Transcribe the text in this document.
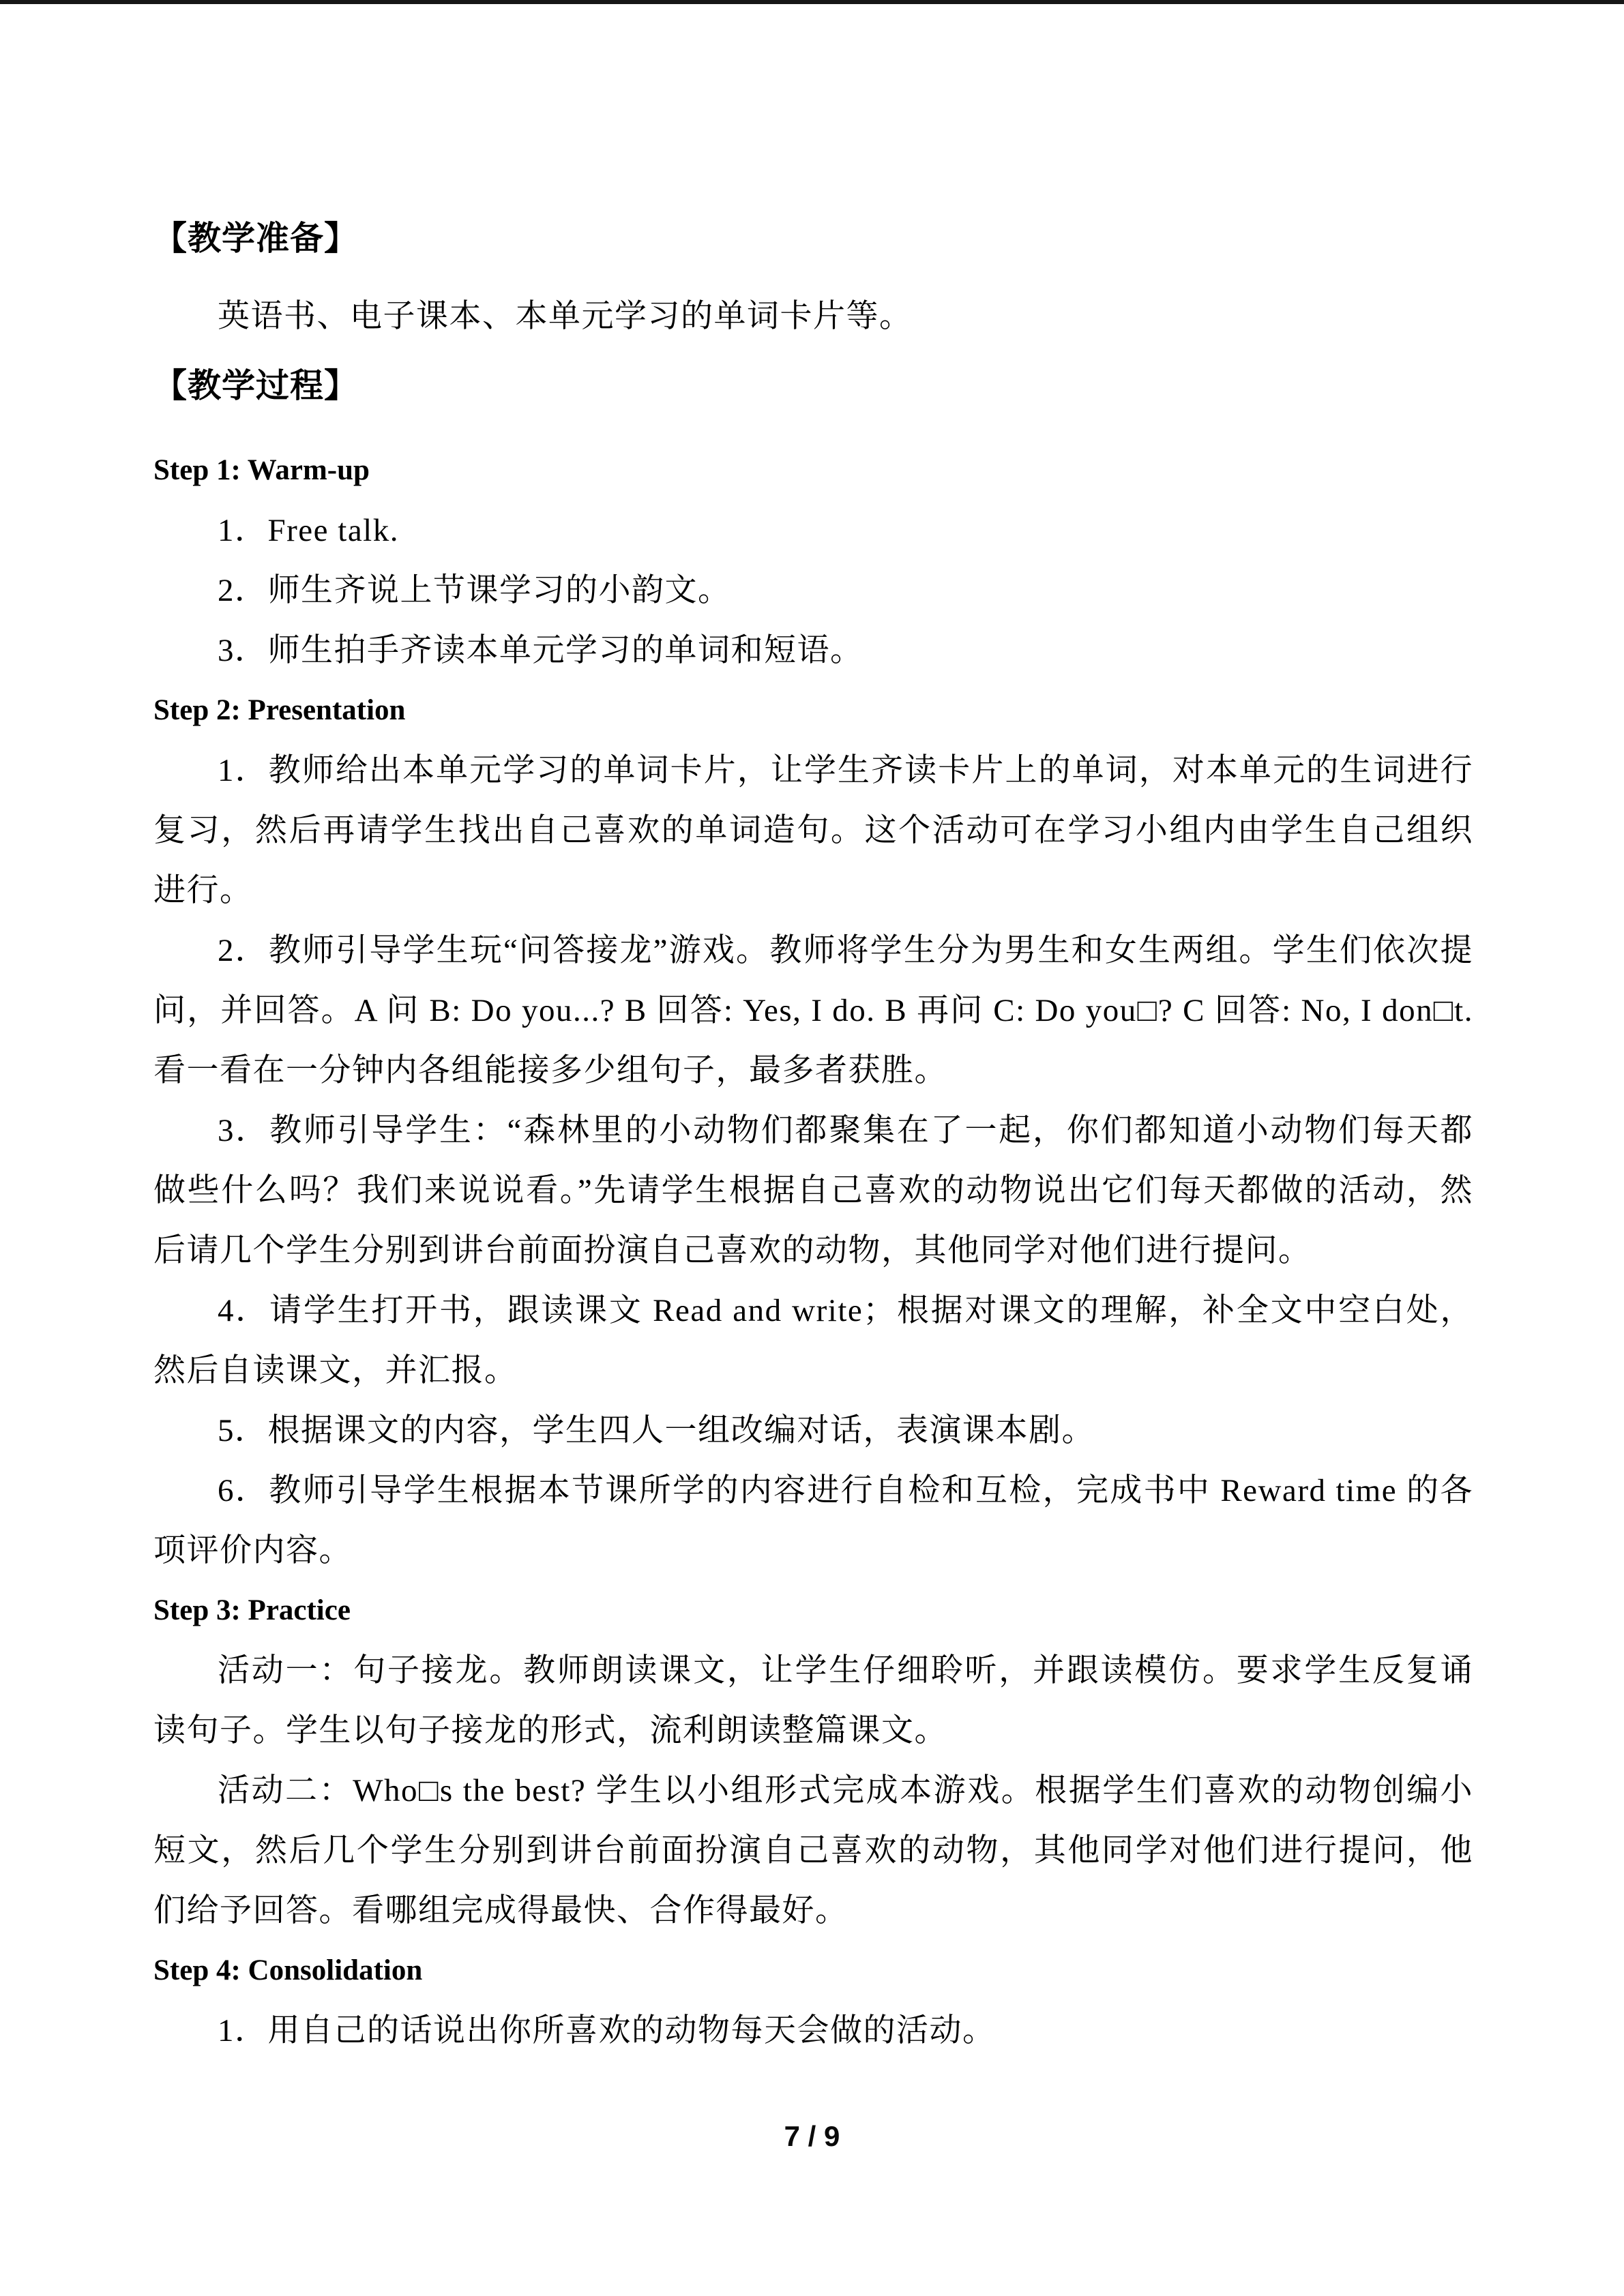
【教学准备】

英语书、电子课本、本单元学习的单词卡片等。

【教学过程】

Step 1: Warm-up

1．Free talk.

2．师生齐说上节课学习的小韵文。

3．师生拍手齐读本单元学习的单词和短语。

Step 2: Presentation

1．教师给出本单元学习的单词卡片，让学生齐读卡片上的单词，对本单元的生词进行复习，然后再请学生找出自己喜欢的单词造句。这个活动可在学习小组内由学生自己组织进行。

2．教师引导学生玩“问答接龙”游戏。教师将学生分为男生和女生两组。学生们依次提问，并回答。A 问 B: Do you...? B 回答: Yes, I do. B 再问 C: Do you□? C 回答: No, I don□t. 看一看在一分钟内各组能接多少组句子，最多者获胜。

3．教师引导学生：“森林里的小动物们都聚集在了一起，你们都知道小动物们每天都做些什么吗？我们来说说看。”先请学生根据自己喜欢的动物说出它们每天都做的活动，然后请几个学生分别到讲台前面扮演自己喜欢的动物，其他同学对他们进行提问。

4．请学生打开书，跟读课文 Read and write；根据对课文的理解，补全文中空白处，然后自读课文，并汇报。

5．根据课文的内容，学生四人一组改编对话，表演课本剧。

6．教师引导学生根据本节课所学的内容进行自检和互检，完成书中 Reward time 的各项评价内容。

Step 3: Practice

活动一：句子接龙。教师朗读课文，让学生仔细聆听，并跟读模仿。要求学生反复诵读句子。学生以句子接龙的形式，流利朗读整篇课文。

活动二：Who□s the best? 学生以小组形式完成本游戏。根据学生们喜欢的动物创编小短文，然后几个学生分别到讲台前面扮演自己喜欢的动物，其他同学对他们进行提问，他们给予回答。看哪组完成得最快、合作得最好。

Step 4: Consolidation

1．用自己的话说出你所喜欢的动物每天会做的活动。

7 / 9
